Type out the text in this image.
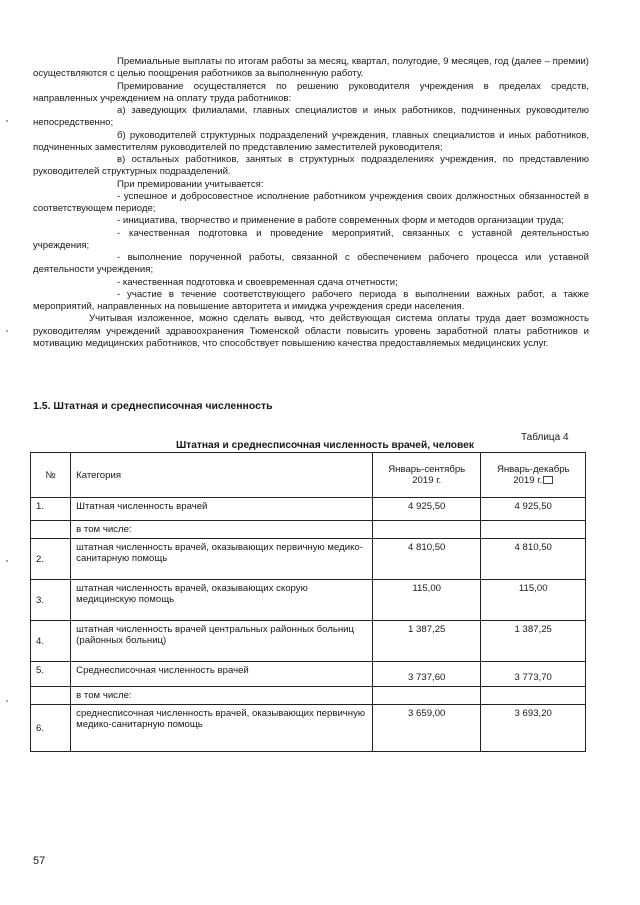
Премиальные выплаты по итогам работы за месяц, квартал, полугодие, 9 месяцев, год (далее – премии) осуществляются с целью поощрения работников за выполненную работу.

Премирование осуществляется по решению руководителя учреждения в пределах средств, направленных учреждением на оплату труда работников:

а) заведующих филиалами, главных специалистов и иных работников, подчиненных руководителю непосредственно;

б) руководителей структурных подразделений учреждения, главных специалистов и иных работников, подчиненных заместителям руководителей по представлению заместителей руководителя;

в) остальных работников, занятых в структурных подразделениях учреждения, по представлению руководителей структурных подразделений.

При премировании учитывается:

- успешное и добросовестное исполнение работником учреждения своих должностных обязанностей в соответствующем периоде;

- инициатива, творчество и применение в работе современных форм и методов организации труда;

- качественная подготовка и проведение мероприятий, связанных с уставной деятельностью учреждения;

- выполнение порученной работы, связанной с обеспечением рабочего процесса или уставной деятельности учреждения;

- качественная подготовка и своевременная сдача отчетности;

- участие в течение соответствующего рабочего периода в выполнении важных работ, а также мероприятий, направленных на повышение авторитета и имиджа учреждения среди населения.

Учитывая изложенное, можно сделать вывод, что действующая система оплаты труда дает возможность руководителям учреждений здравоохранения Тюменской области повысить уровень заработной платы работников и мотивацию медицинских работников, что способствует повышению качества предоставляемых медицинских услуг.

1.5. Штатная и среднесписочная численность
Таблица 4
Штатная и среднесписочная численность врачей, человек
№	Категория	Январь-сентябрь 2019 г.	Январь-декабрь 2019 г.
1.	Штатная численность врачей	4 925,50	4 925,50
	в том числе:		
2.	штатная численность врачей, оказывающих первичную медико-санитарную помощь	4 810,50	4 810,50
3.	штатная численность врачей, оказывающих скорую медицинскую помощь	115,00	115,00
4.	штатная численность врачей центральных районных больниц (районных больниц)	1 387,25	1 387,25
5.	Среднесписочная численность врачей	3 737,60	3 773,70
	в том числе:		
6.	среднесписочная численность врачей, оказывающих первичную медико-санитарную помощь	3 659,00	3 693,20
57
